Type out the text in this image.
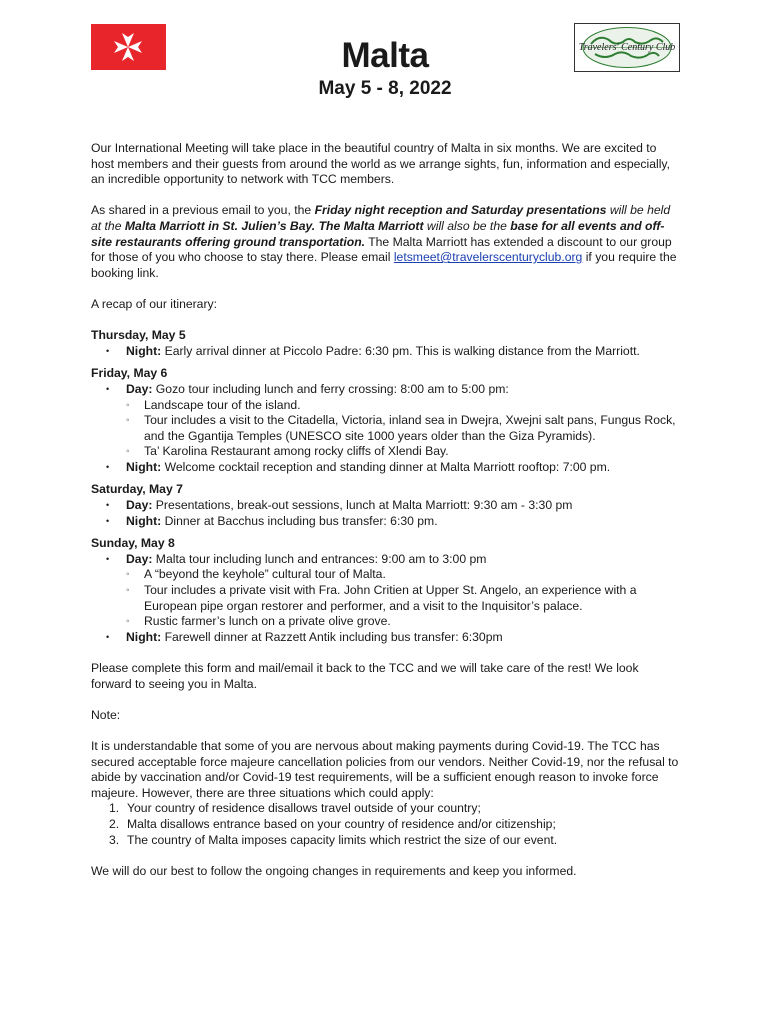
Travelers' Century Club
Malta
May 5 - 8, 2022

Our International Meeting will take place in the beautiful country of Malta in six months. We are excited to host members and their guests from around the world as we arrange sights, fun, information and especially, an incredible opportunity to network with TCC members.

As shared in a previous email to you, the Friday night reception and Saturday presentations will be held at the Malta Marriott in St. Julien’s Bay. The Malta Marriott will also be the base for all events and off-site restaurants offering ground transportation. The Malta Marriott has extended a discount to our group for those of you who choose to stay there. Please email letsmeet@travelerscenturyclub.org if you require the booking link.

A recap of our itinerary:

Thursday, May 5
• Night: Early arrival dinner at Piccolo Padre: 6:30 pm. This is walking distance from the Marriott.
Friday, May 6
• Day: Gozo tour including lunch and ferry crossing: 8:00 am to 5:00 pm:
◦ Landscape tour of the island.
◦ Tour includes a visit to the Citadella, Victoria, inland sea in Dwejra, Xwejni salt pans, Fungus Rock, and the Ggantija Temples (UNESCO site 1000 years older than the Giza Pyramids).
◦ Ta’ Karolina Restaurant among rocky cliffs of Xlendi Bay.
• Night: Welcome cocktail reception and standing dinner at Malta Marriott rooftop: 7:00 pm.
Saturday, May 7
• Day: Presentations, break-out sessions, lunch at Malta Marriott: 9:30 am - 3:30 pm
• Night: Dinner at Bacchus including bus transfer: 6:30 pm.
Sunday, May 8
• Day: Malta tour including lunch and entrances: 9:00 am to 3:00 pm
◦ A “beyond the keyhole” cultural tour of Malta.
◦ Tour includes a private visit with Fra. John Critien at Upper St. Angelo, an experience with a European pipe organ restorer and performer, and a visit to the Inquisitor’s palace.
◦ Rustic farmer’s lunch on a private olive grove.
• Night: Farewell dinner at Razzett Antik including bus transfer: 6:30pm

Please complete this form and mail/email it back to the TCC and we will take care of the rest! We look forward to seeing you in Malta.

Note:

It is understandable that some of you are nervous about making payments during Covid-19. The TCC has secured acceptable force majeure cancellation policies from our vendors. Neither Covid-19, nor the refusal to abide by vaccination and/or Covid-19 test requirements, will be a sufficient enough reason to invoke force majeure. However, there are three situations which could apply:

1. Your country of residence disallows travel outside of your country;
2. Malta disallows entrance based on your country of residence and/or citizenship;
3. The country of Malta imposes capacity limits which restrict the size of our event.

We will do our best to follow the ongoing changes in requirements and keep you informed.
